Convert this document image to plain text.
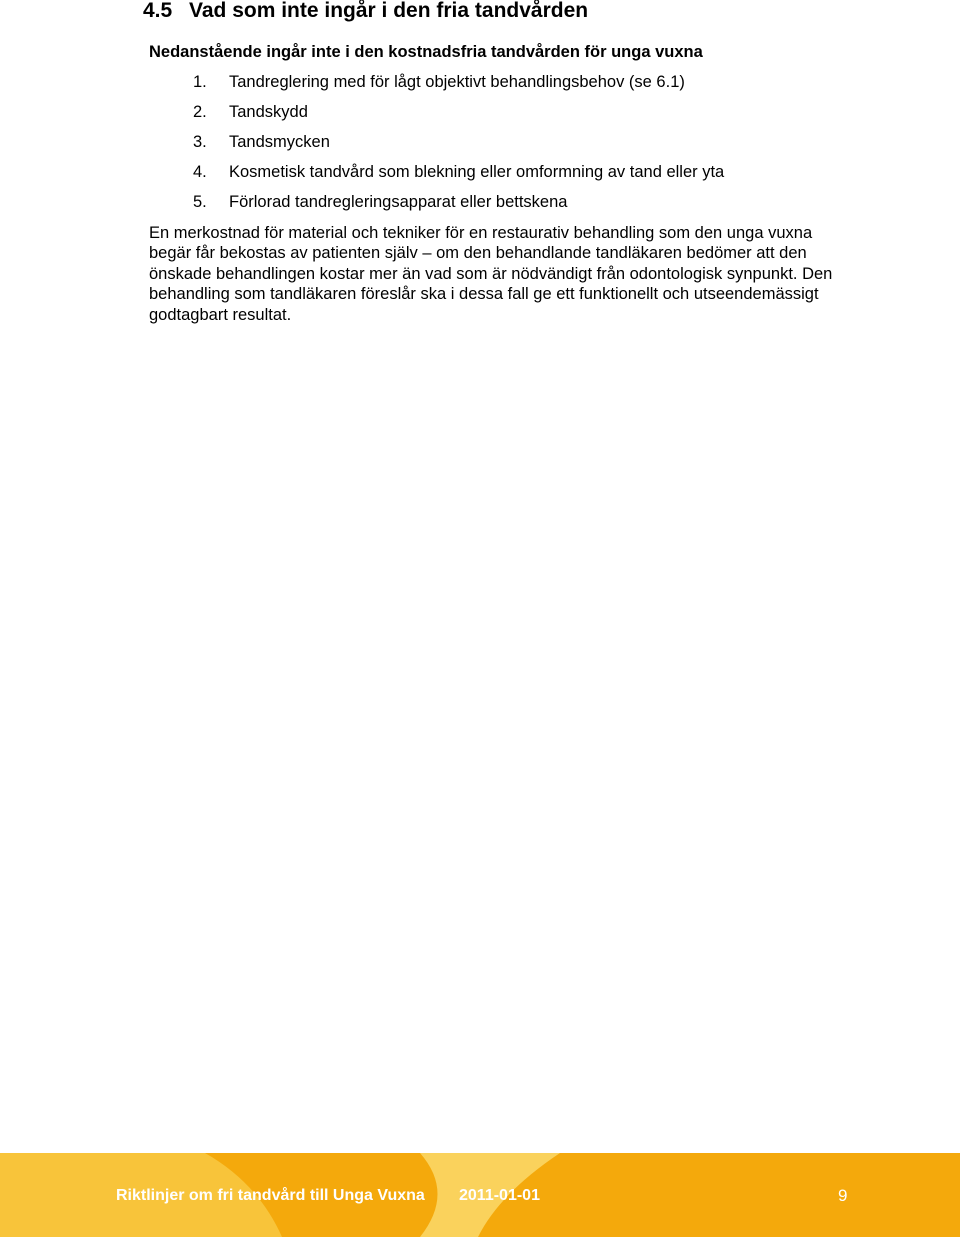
4.5 Vad som inte ingår i den fria tandvården

Nedanstående ingår inte i den kostnadsfria tandvården för unga vuxna

1. Tandreglering med för lågt objektivt behandlingsbehov (se 6.1)
2. Tandskydd
3. Tandsmycken
4. Kosmetisk tandvård som blekning eller omformning av tand eller yta
5. Förlorad tandregleringsapparat eller bettskena

En merkostnad för material och tekniker för en restaurativ behandling som den unga vuxna
begär får bekostas av patienten själv – om den behandlande tandläkaren bedömer att den
önskade behandlingen kostar mer än vad som är nödvändigt från odontologisk synpunkt. Den
behandling som tandläkaren föreslår ska i dessa fall ge ett funktionellt och utseendemässigt
godtagbart resultat.

Riktlinjer om fri tandvård till Unga Vuxna 2011-01-01	9
